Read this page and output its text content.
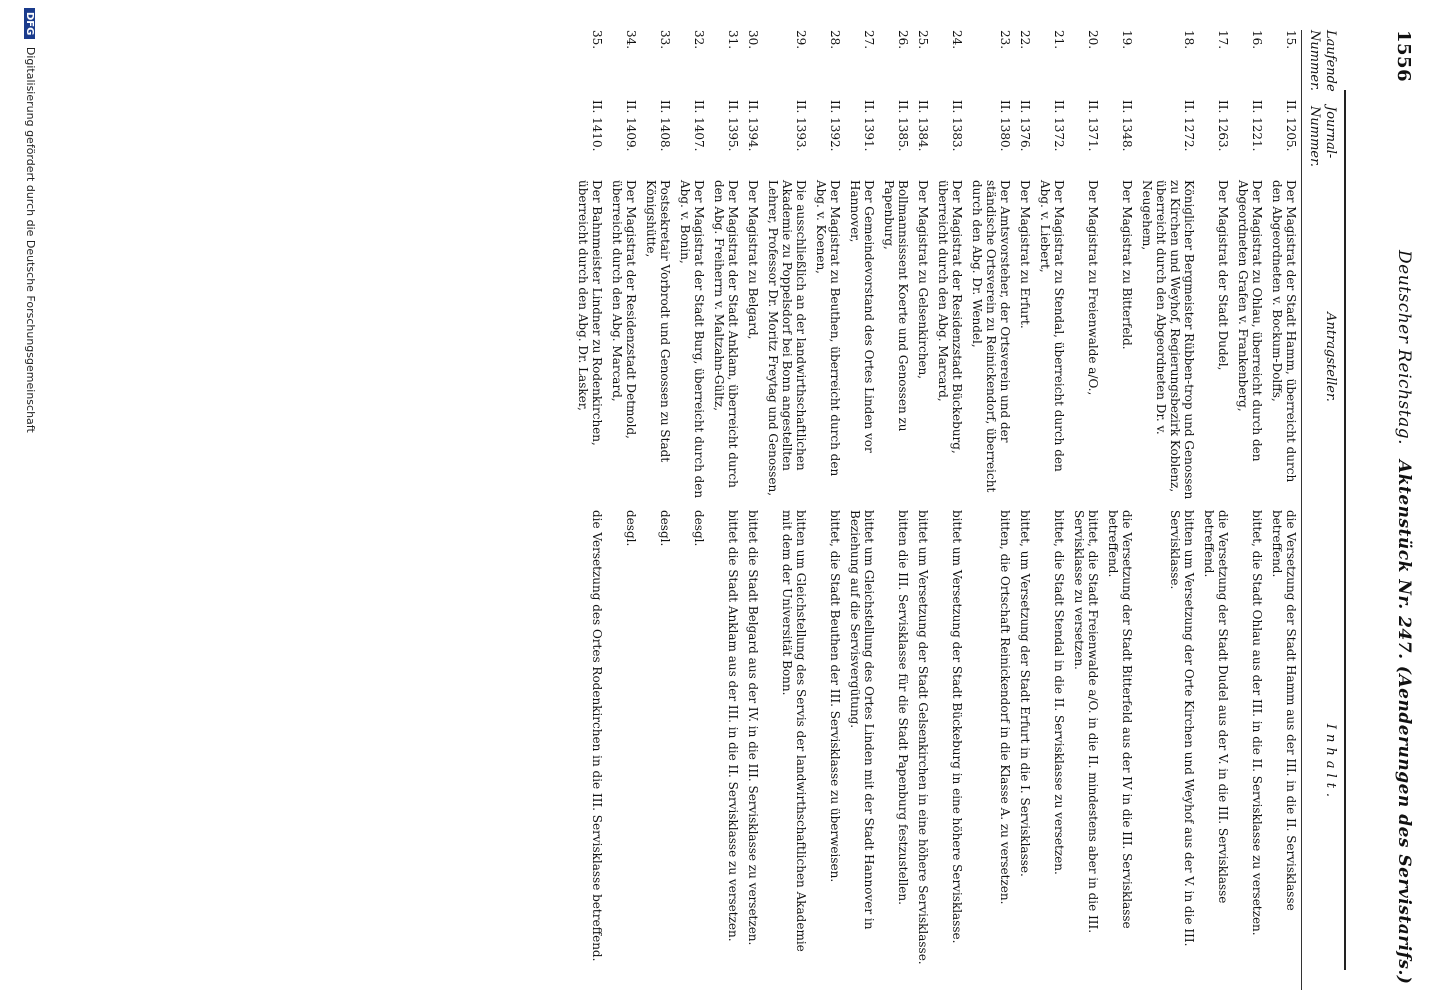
1556
Deutscher Reichstag.
Aktenstück Nr. 247. (Aenderungen des Servistarifs.)
Laufende Nummer.
Journal-Nummer.
Antragsteller.
Inhalt.
15.
II. 1205.
Der Magistrat der Stadt Hamm, überreicht durch den Abgeordneten v. Bockum-Dolffs,
die Versetzung der Stadt Hamm aus der III. in die II. Servisklasse betreffend.
16.
II. 1221.
Der Magistrat zu Ohlau, überreicht durch den Abgeordneten Grafen v. Frankenberg,
bittet, die Stadt Ohlau aus der III. in die II. Servisklasse zu versetzen.
17.
II. 1263.
Der Magistrat der Stadt Dudel,
die Versetzung der Stadt Dudel aus der V. in die III. Servisklasse betreffend.
18.
II. 1272.
Königlicher Bergmeister Rübben-trop und Genossen zu Kirchen und Weyhof, Regierungsbezirk Koblenz, überreicht durch den Abgeordneten Dr. v. Neugehem,
bitten um Versetzung der Orte Kirchen und Weyhof aus der V. in die III. Servisklasse.
19.
II. 1348.
Der Magistrat zu Bitterfeld.
die Versetzung der Stadt Bitterfeld aus der IV in die III. Servisklasse betreffend.
20.
II. 1371.
Der Magistrat zu Freienwalde a/O.,
bittet, die Stadt Freienwalde a/O. in die II. mindestens aber in die III. Servisklasse zu versetzen.
21.
II. 1372.
Der Magistrat zu Stendal, überreicht durch den Abg. v. Liebert,
bittet, die Stadt Stendal in die II. Servisklasse zu versetzen.
22.
II. 1376.
Der Magistrat zu Erfurt.
bittet, um Versetzung der Stadt Erfurt in die I. Servisklasse.
23.
II. 1380.
Der Amtsvorsteher, der Ortsverein und der ständische Ortsverein zu Reinickendorf, überreicht durch den Abg. Dr. Wendel,
bitten, die Ortschaft Reinickendorf in die Klasse A. zu versetzen.
24.
II. 1383.
Der Magistrat der Residenzstadt Bückeburg, überreicht durch den Abg. Marcard,
bittet um Versetzung der Stadt Bückeburg in eine höhere Servisklasse.
25.
II. 1384.
Der Magistrat zu Gelsenkirchen,
bittet um Versetzung der Stadt Gelsenkirchen in eine höhere Servisklasse.
26.
II. 1385.
Bollmannsissent Koerte und Genossen zu Papenburg,
bitten die III. Servisklasse für die Stadt Papenburg festzustellen.
27.
II. 1391.
Der Gemeindevorstand des Ortes Linden vor Hannover,
bittet um Gleichstellung des Ortes Linden mit der Stadt Hannover in Beziehung auf die Servisvergütung.
28.
II. 1392.
Der Magistrat zu Beuthen, überreicht durch den Abg. v. Koenen,
bittet, die Stadt Beuthen der III. Servisklasse zu überweisen.
29.
II. 1393.
Die ausschließlich an der landwirthschaftlichen Akademie zu Poppelsdorf bei Bonn angestellten Lehrer, Professor Dr. Moritz Freytag und Genossen,
bitten um Gleichstellung des Servis der landwirthschaftlichen Akademie mit dem der Universität Bonn.
30.
II. 1394.
Der Magistrat zu Belgard,
bittet die Stadt Belgard aus der IV. in die III. Servisklasse zu versetzen.
31.
II. 1395.
Der Magistrat der Stadt Anklam, überreicht durch den Abg. Freiherrn v. Maltzahn-Gültz,
bittet die Stadt Anklam aus der III. in die II. Servisklasse zu versetzen.
32.
II. 1407.
Der Magistrat der Stadt Burg, überreicht durch den Abg. v. Bonin,
desgl.
33.
II. 1408.
Postsekretair Vorbrodt und Genossen zu Stadt Königshütte,
desgl.
34.
II. 1409.
Der Magistrat der Residenzstadt Detmold, überreicht durch den Abg. Marcard,
desgl.
35.
II. 1410.
Der Bahnmeister Lindner zu Rodenkirchen, überreicht durch den Abg. Dr. Lasker,
die Versetzung des Ortes Rodenkirchen in die III. Servisklasse betreffend.
DFG Digitalisierung gefördert durch die Deutsche Forschungsgemeinschaft
